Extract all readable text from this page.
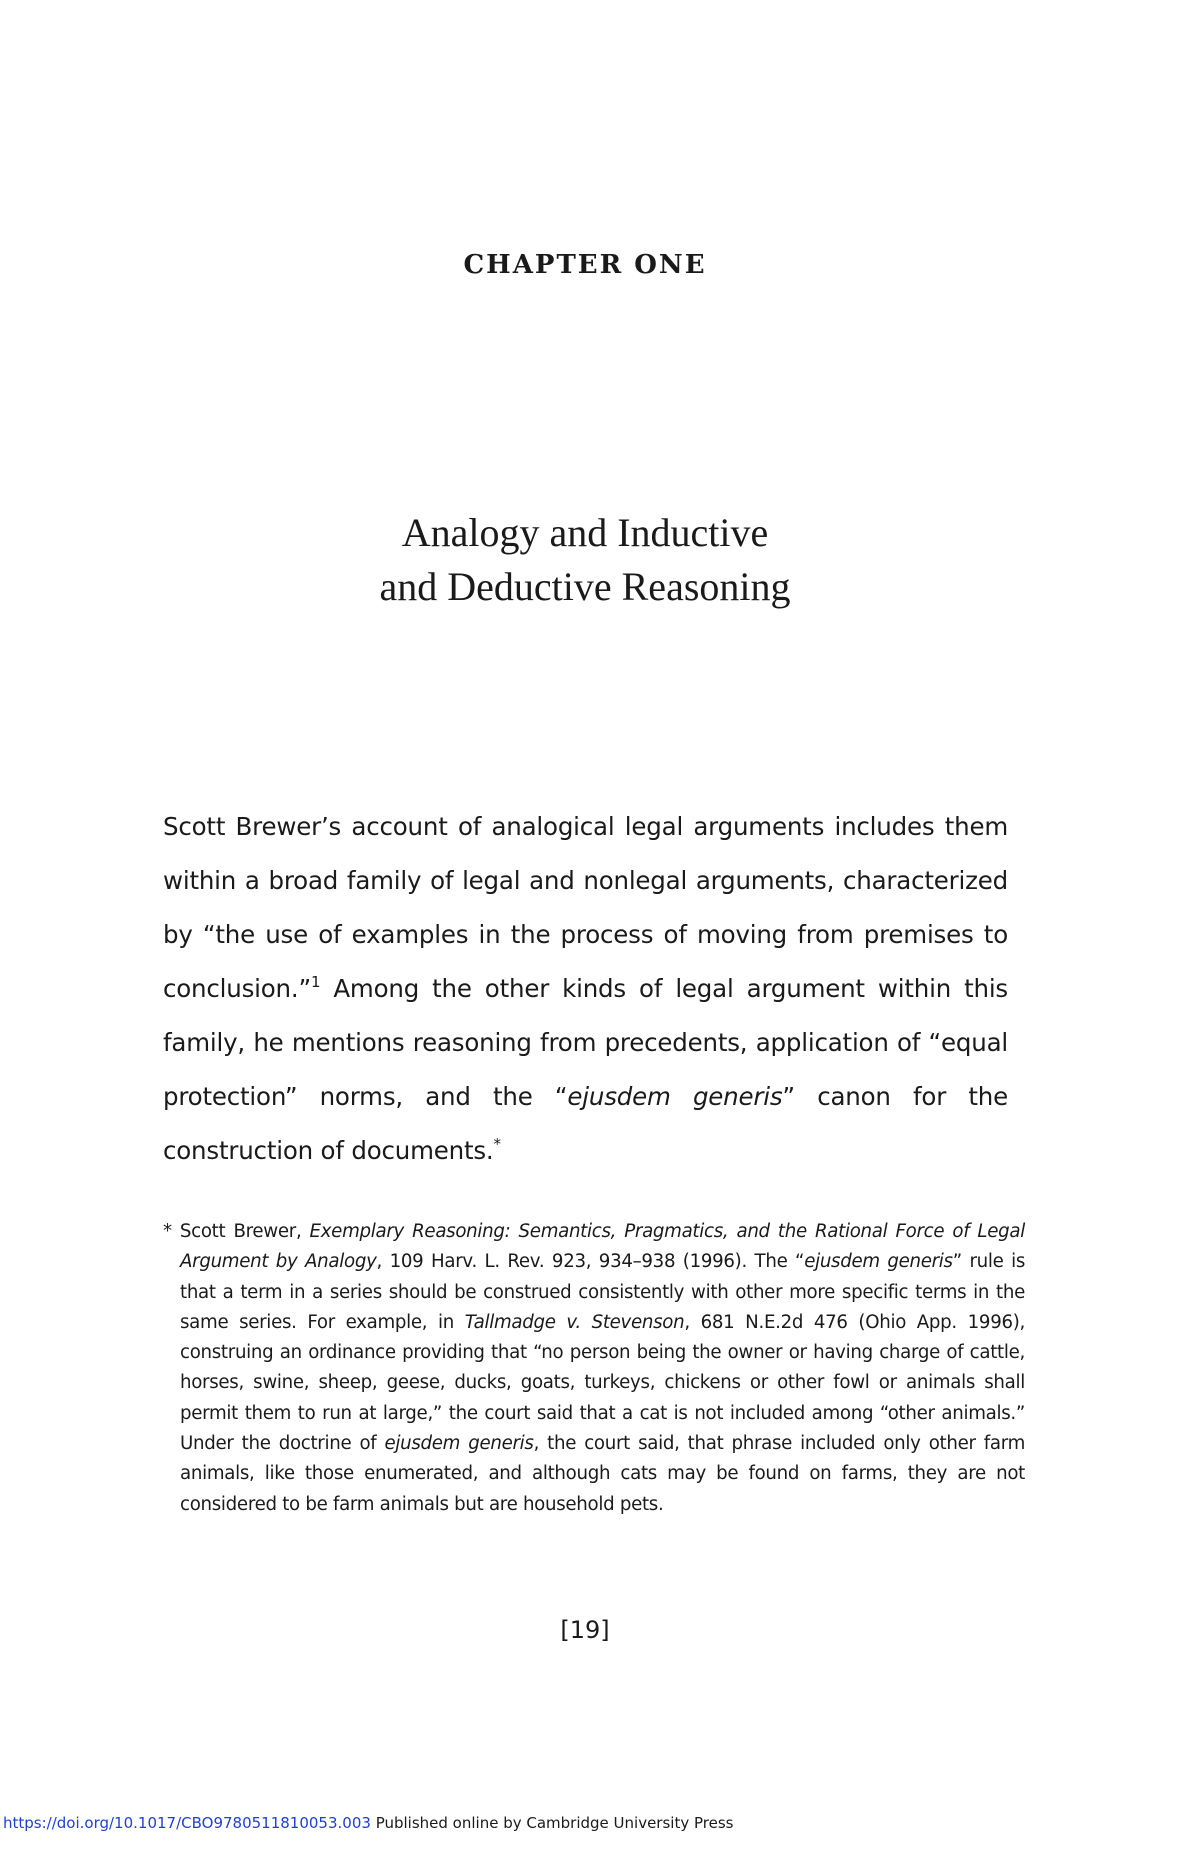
CHAPTER ONE
Analogy and Inductive
and Deductive Reasoning

Scott Brewer’s account of analogical legal arguments includes them within a broad family of legal and nonlegal arguments, characterized by “the use of examples in the process of moving from premises to conclusion.”$^1$ Among the other kinds of legal argument within this family, he mentions reasoning from precedents, application of “equal protection” norms, and the “ejusdem generis” canon for the construction of documents.*

* Scott Brewer, Exemplary Reasoning: Semantics, Pragmatics, and the Rational Force of Legal Argument by Analogy, 109 Harv. L. Rev. 923, 934–938 (1996). The “ejusdem generis” rule is that a term in a series should be construed consistently with other more specific terms in the same series. For example, in Tallmadge v. Stevenson, 681 N.E.2d 476 (Ohio App. 1996), construing an ordinance providing that “no person being the owner or having charge of cattle, horses, swine, sheep, geese, ducks, goats, turkeys, chickens or other fowl or animals shall permit them to run at large,” the court said that a cat is not included among “other animals.” Under the doctrine of ejusdem generis, the court said, that phrase included only other farm animals, like those enumerated, and although cats may be found on farms, they are not considered to be farm animals but are household pets.

[19]
https://doi.org/10.1017/CBO9780511810053.003 Published online by Cambridge University Press
